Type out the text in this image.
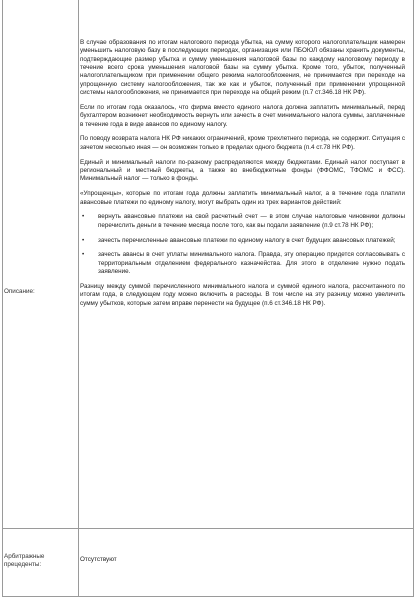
Описание:

В случае образования по итогам налогового периода убытка, на сумму которого налогоплательщик намерен уменьшить налоговую базу в последующих периодах, организация или ПБОЮЛ обязаны хранить документы, подтверждающие размер убытка и сумму уменьшения налоговой базы по каждому налоговому периоду в течение всего срока уменьшения налоговой базы на сумму убытка. Кроме того, убыток, полученный налогоплательщиком при применении общего режима налогообложения, не принимается при переходе на упрощенную систему налогообложения, так же как и убыток, полученный при применении упрощенной системы налогообложения, не принимается при переходе на общий режим (п.7 ст.346.18 НК РФ).

Если по итогам года оказалось, что фирма вместо единого налога должна заплатить минимальный, перед бухгалтером возникнет необходимость вернуть или зачесть в счет минимального налога суммы, заплаченные в течение года в виде авансов по единому налогу.

По поводу возврата налога НК РФ никаких ограничений, кроме трехлетнего периода, не содержит. Ситуация с зачетом несколько иная — он возможен только в пределах одного бюджета (п.4 ст.78 НК РФ).

Единый и минимальный налоги по-разному распределяются между бюджетами. Единый налог поступает в региональный и местный бюджеты, а также во внебюджетные фонды (ФФОМС, ТФОМС и ФСС). Минимальный налог — только в фонды.

«Упрощенцы», которые по итогам года должны заплатить минимальный налог, а в течение года платили авансовые платежи по единому налогу, могут выбрать один из трех вариантов действий:

• вернуть авансовые платежи на свой расчетный счет — в этом случае налоговые чиновники должны перечислить деньги в течение месяца после того, как вы подали заявление (п.9 ст.78 НК РФ);
• зачесть перечисленные авансовые платежи по единому налогу в счет будущих авансовых платежей;
• зачесть авансы в счет уплаты минимального налога. Правда, эту операцию придется согласовывать с территориальным отделением федерального казначейства. Для этого в отделение нужно подать заявление.

Разницу между суммой перечисленного минимального налога и суммой единого налога, рассчитанного по итогам года, в следующем году можно включить в расходы. В том числе на эту разницу можно увеличить сумму убытков, которые затем вправе перенести на будущее (п.6 ст.346.18 НК РФ).

Арбитражные прецеденты:
Отсутствуют
